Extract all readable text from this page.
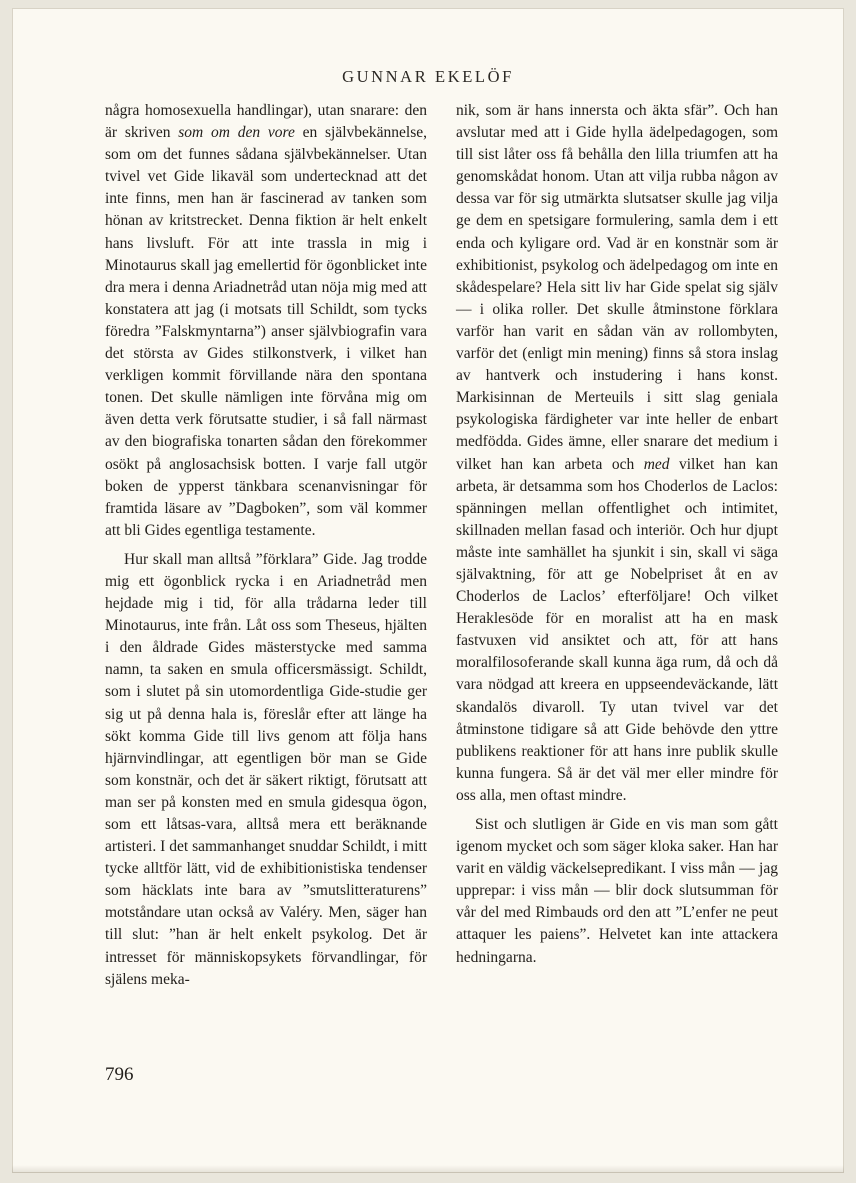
GUNNAR EKELÖF

några homosexuella handlingar), utan snarare: den är skriven som om den vore en självbekännelse, som om det funnes sådana självbekännelser. Utan tvivel vet Gide likaväl som undertecknad att det inte finns, men han är fascinerad av tanken som hönan av kritstrecket. Denna fiktion är helt enkelt hans livsluft. För att inte trassla in mig i Minotaurus skall jag emellertid för ögonblicket inte dra mera i denna Ariadnetråd utan nöja mig med att konstatera att jag (i motsats till Schildt, som tycks föredra ”Falskmyntarna”) anser självbiografin vara det största av Gides stilkonstverk, i vilket han verkligen kommit förvillande nära den spontana tonen. Det skulle nämligen inte förvåna mig om även detta verk förutsatte studier, i så fall närmast av den biografiska tonarten sådan den förekommer osökt på anglosachsisk botten. I varje fall utgör boken de ypperst tänkbara scenanvisningar för framtida läsare av ”Dagboken”, som väl kommer att bli Gides egentliga testamente.

Hur skall man alltså ”förklara” Gide. Jag trodde mig ett ögonblick rycka i en Ariadnetråd men hejdade mig i tid, för alla trådarna leder till Minotaurus, inte från. Låt oss som Theseus, hjälten i den åldrade Gides mästerstycke med samma namn, ta saken en smula officersmässigt. Schildt, som i slutet på sin utomordentliga Gide-studie ger sig ut på denna hala is, föreslår efter att länge ha sökt komma Gide till livs genom att följa hans hjärnvindlingar, att egentligen bör man se Gide som konstnär, och det är säkert riktigt, förutsatt att man ser på konsten med en smula gidesqua ögon, som ett låtsas-vara, alltså mera ett beräknande artisteri. I det sammanhanget snuddar Schildt, i mitt tycke alltför lätt, vid de exhibitionistiska tendenser som häcklats inte bara av ”smutslitteraturens” motståndare utan också av Valéry. Men, säger han till slut: ”han är helt enkelt psykolog. Det är intresset för människopsykets förvandlingar, för själens meka-

nik, som är hans innersta och äkta sfär”. Och han avslutar med att i Gide hylla ädelpedagogen, som till sist låter oss få behålla den lilla triumfen att ha genomskådat honom. Utan att vilja rubba någon av dessa var för sig utmärkta slutsatser skulle jag vilja ge dem en spetsigare formulering, samla dem i ett enda och kyligare ord. Vad är en konstnär som är exhibitionist, psykolog och ädelpedagog om inte en skådespelare? Hela sitt liv har Gide spelat sig själv — i olika roller. Det skulle åtminstone förklara varför han varit en sådan vän av rollombyten, varför det (enligt min mening) finns så stora inslag av hantverk och instudering i hans konst. Markisinnan de Merteuils i sitt slag geniala psykologiska färdigheter var inte heller de enbart medfödda. Gides ämne, eller snarare det medium i vilket han kan arbeta och med vilket han kan arbeta, är detsamma som hos Choderlos de Laclos: spänningen mellan offentlighet och intimitet, skillnaden mellan fasad och interiör. Och hur djupt måste inte samhället ha sjunkit i sin, skall vi säga självaktning, för att ge Nobelpriset åt en av Choderlos de Laclos’ efterföljare! Och vilket Heraklesöde för en moralist att ha en mask fastvuxen vid ansiktet och att, för att hans moralfilosoferande skall kunna äga rum, då och då vara nödgad att kreera en uppseendeväckande, lätt skandalös divaroll. Ty utan tvivel var det åtminstone tidigare så att Gide behövde den yttre publikens reaktioner för att hans inre publik skulle kunna fungera. Så är det väl mer eller mindre för oss alla, men oftast mindre.

Sist och slutligen är Gide en vis man som gått igenom mycket och som säger kloka saker. Han har varit en väldig väckelsepredikant. I viss mån — jag upprepar: i viss mån — blir dock slutsumman för vår del med Rimbauds ord den att ”L’enfer ne peut attaquer les paiens”. Helvetet kan inte attackera hedningarna.

796
